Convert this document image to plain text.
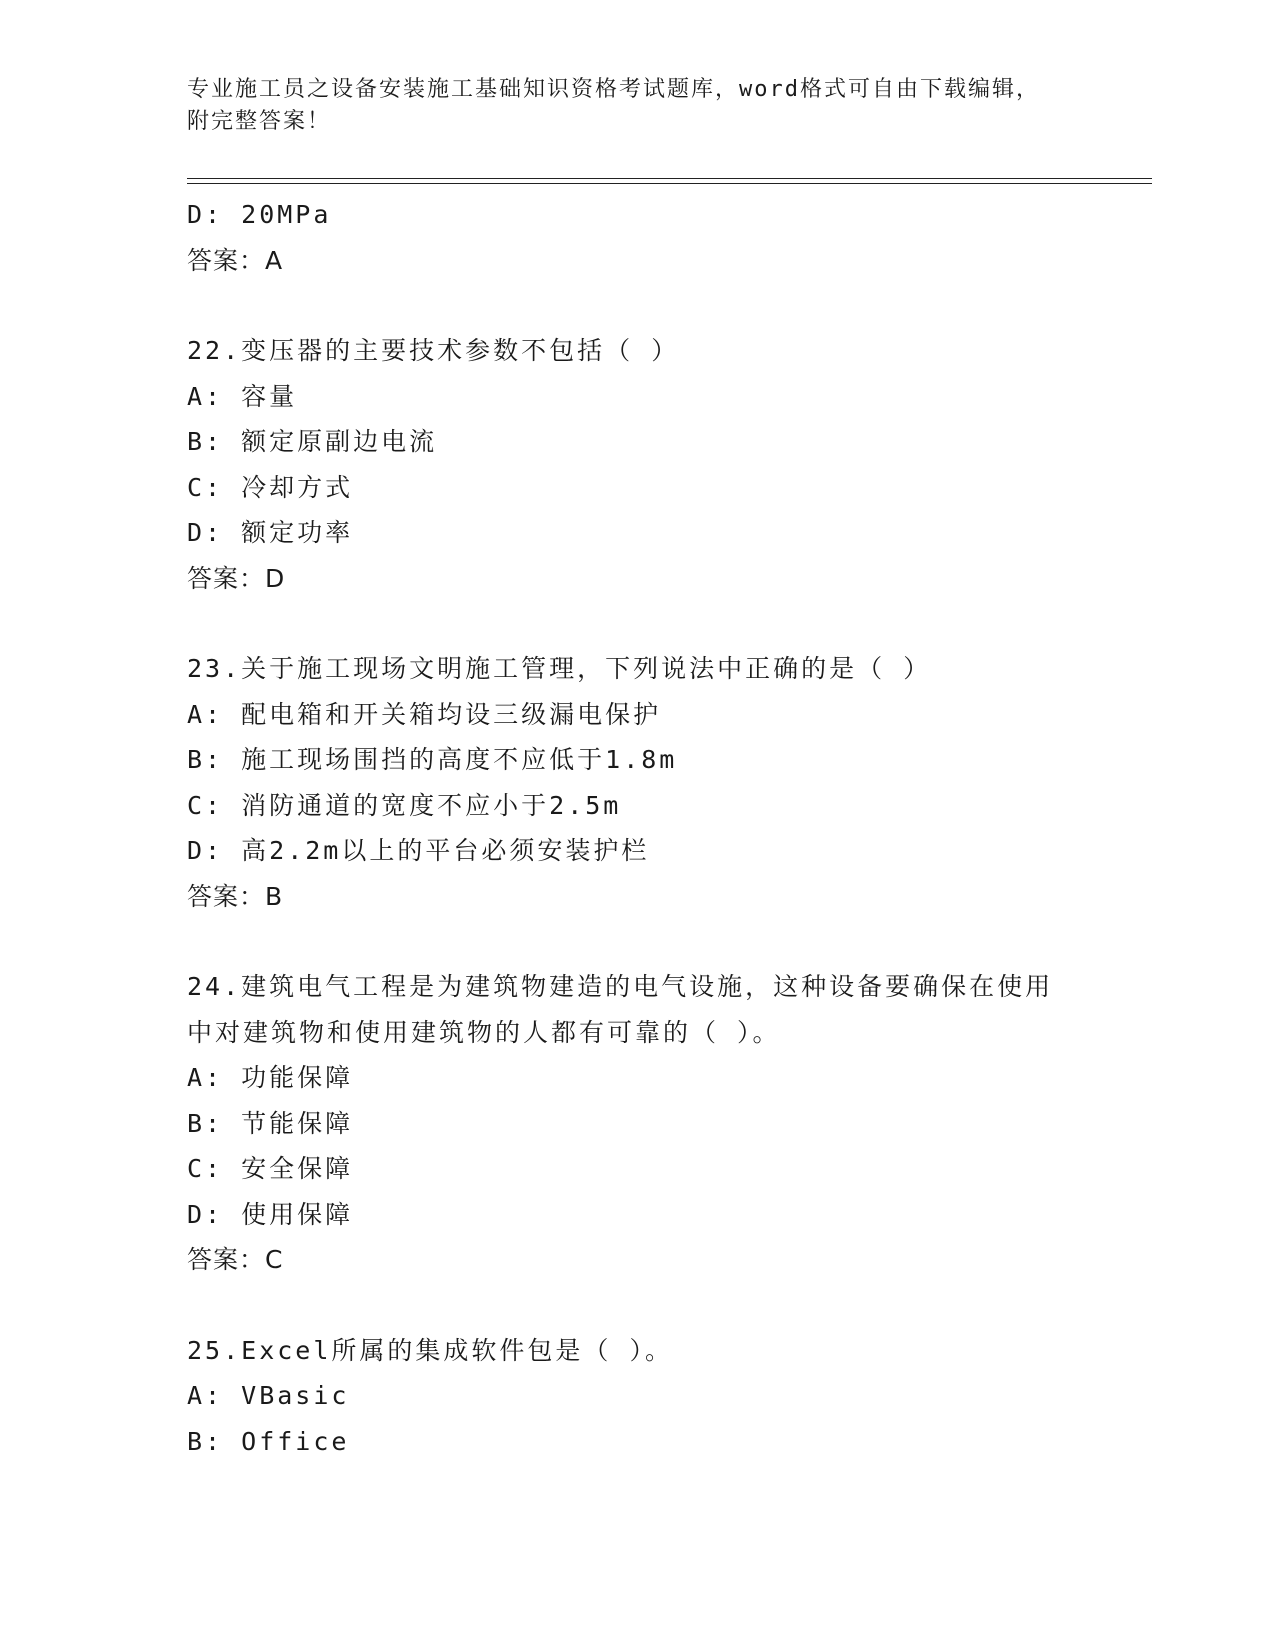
专业施工员之设备安装施工基础知识资格考试题库，word格式可自由下载编辑，
附完整答案！
D: 20MPa
答案：A
22.变压器的主要技术参数不包括（ ）
A: 容量
B: 额定原副边电流
C: 冷却方式
D: 额定功率
答案：D
23.关于施工现场文明施工管理，下列说法中正确的是（ ）
A: 配电箱和开关箱均设三级漏电保护
B: 施工现场围挡的高度不应低于1.8m
C: 消防通道的宽度不应小于2.5m
D: 高2.2m以上的平台必须安装护栏
答案：B
24.建筑电气工程是为建筑物建造的电气设施，这种设备要确保在使用中对建筑物和使用建筑物的人都有可靠的（ ）。
A: 功能保障
B: 节能保障
C: 安全保障
D: 使用保障
答案：C
25.Excel所属的集成软件包是（ ）。
A: VBasic
B: Office
